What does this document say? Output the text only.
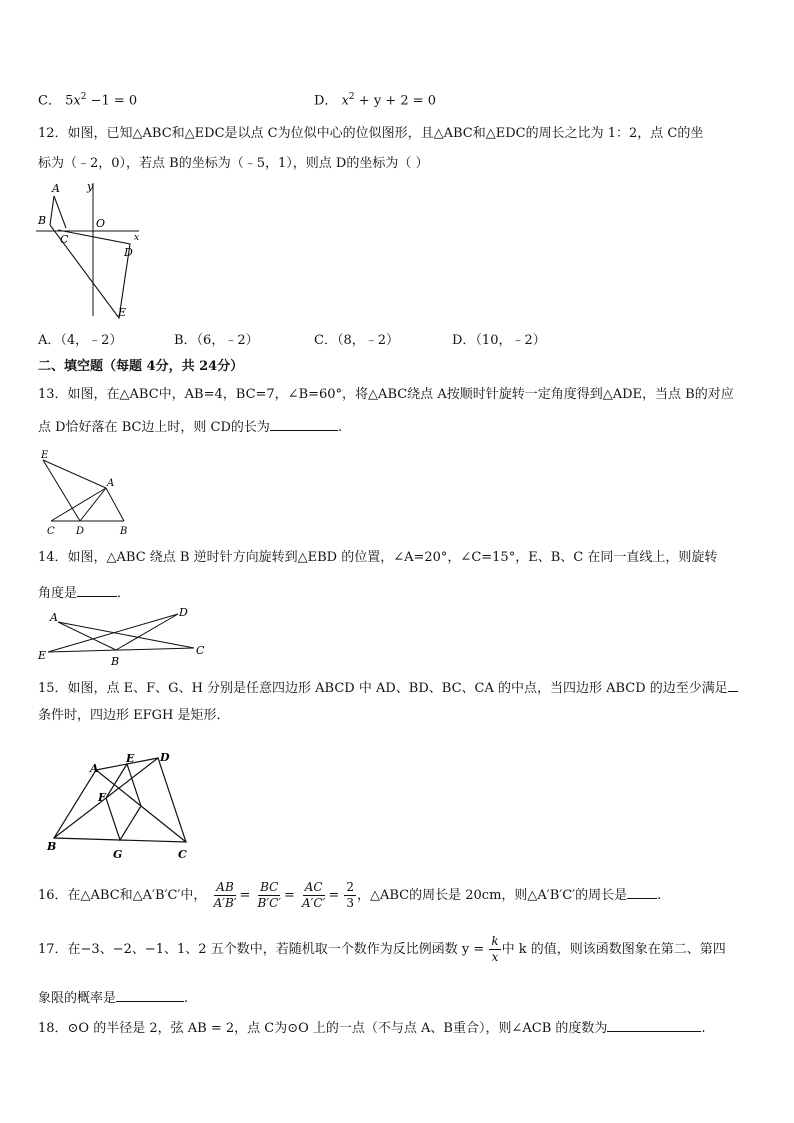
C． $5x^2 -1 = 0$	D． $x^2 + y + 2 = 0$
12．如图，已知△ABC和△EDC是以点 C为位似中心的位似图形，且△ABC和△EDC的周长之比为 1：2，点 C的坐
标为（﹣2，0），若点 B的坐标为（﹣5，1），则点 D的坐标为（ ）
A y
B	O
C	x
D
E
A．（4，﹣2）	B．（6，﹣2）	C．（8，﹣2）	D．（10，﹣2）
二、填空题（每题 4分，共 24分）
13．如图，在△ABC中，AB=4，BC=7，∠B=60°，将△ABC绕点 A按顺时针旋转一定角度得到△ADE，当点 B的对应
点 D恰好落在 BC边上时，则 CD的长为	.
E
A
C D	B
14．如图，△ABC 绕点 B 逆时针方向旋转到△EBD 的位置，∠A=20°，∠C=15°，E、B、C 在同一直线上，则旋转
角度是	．
A	D
E	B
C
15．如图，点 E、F、G、H 分别是任意四边形 ABCD 中 AD、BD、BC、CA 的中点，当四边形 ABCD 的边至少满足
条件时，四边形 EFGH 是矩形．
A
E D
F
B
G	C
16．在△ABC和△A′B′C′中， $\frac{AB}{A'B'} = \frac{BC}{B'C'} = \frac{AC}{A'C'} = \frac{2}{3}$ ，△ABC的周长是 20cm，则△A′B′C′的周长是 .
17．在−3、−2、−1、1、2 五个数中，若随机取一个数作为反比例函数 $y = \frac{k}{x}$ 中 k 的值，则该函数图象在第二、第四
象限的概率是	.
18．⊙O 的半径是 2，弦 AB = 2，点 C为⊙O 上的一点（不与点 A、B重合），则∠ACB 的度数为	.
